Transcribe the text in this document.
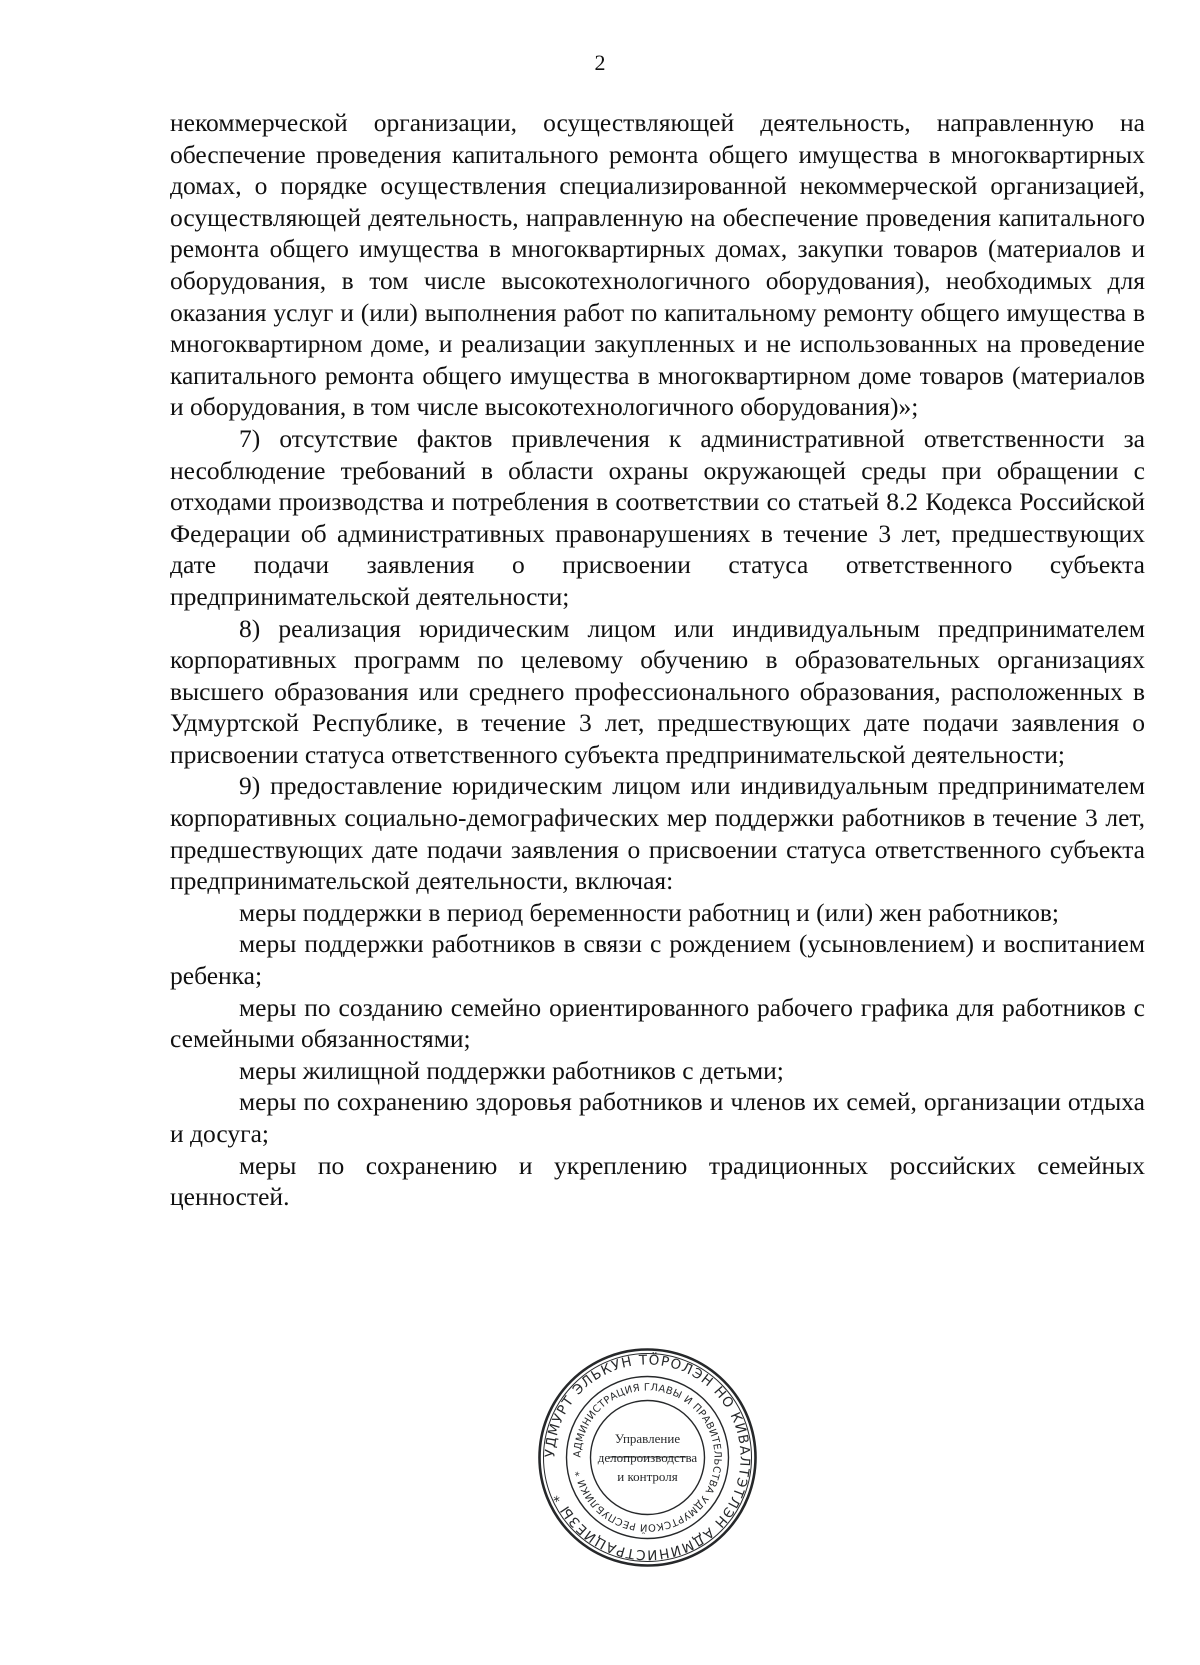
2

некоммерческой организации, осуществляющей деятельность, направленную на обеспечение проведения капитального ремонта общего имущества в многоквартирных домах, о порядке осуществления специализированной некоммерческой организацией, осуществляющей деятельность, направленную на обеспечение проведения капитального ремонта общего имущества в многоквартирных домах, закупки товаров (материалов и оборудования, в том числе высокотехнологичного оборудования), необходимых для оказания услуг и (или) выполнения работ по капитальному ремонту общего имущества в многоквартирном доме, и реализации закупленных и не использованных на проведение капитального ремонта общего имущества в многоквартирном доме товаров (материалов и оборудования, в том числе высокотехнологичного оборудования)»;

7) отсутствие фактов привлечения к административной ответственности за несоблюдение требований в области охраны окружающей среды при обращении с отходами производства и потребления в соответствии со статьей 8.2 Кодекса Российской Федерации об административных правонарушениях в течение 3 лет, предшествующих дате подачи заявления о присвоении статуса ответственного субъекта предпринимательской деятельности;

8) реализация юридическим лицом или индивидуальным предпринимателем корпоративных программ по целевому обучению в образовательных организациях высшего образования или среднего профессионального образования, расположенных в Удмуртской Республике, в течение 3 лет, предшествующих дате подачи заявления о присвоении статуса ответственного субъекта предпринимательской деятельности;

9) предоставление юридическим лицом или индивидуальным предпринимателем корпоративных социально-демографических мер поддержки работников в течение 3 лет, предшествующих дате подачи заявления о присвоении статуса ответственного субъекта предпринимательской деятельности, включая:

меры поддержки в период беременности работниц и (или) жен работников;

меры поддержки работников в связи с рождением (усыновлением) и воспитанием ребенка;

меры по созданию семейно ориентированного рабочего графика для работников с семейными обязанностями;

меры жилищной поддержки работников с детьми;

меры по сохранению здоровья работников и членов их семей, организации отдыха и досуга;

меры по сохранению и укреплению традиционных российских семейных ценностей.

УДМУРТ ЭЛЬКУН ТӦРОЛЭН НО КИВАЛТЭТЛЭН АДМИНИСТРАЦИЕЗЫ *
АДМИНИСТРАЦИЯ ГЛАВЫ И ПРАВИТЕЛЬСТВА УДМУРТСКОЙ РЕСПУБЛИКИ *
Управление
делопроизводства
и контроля
